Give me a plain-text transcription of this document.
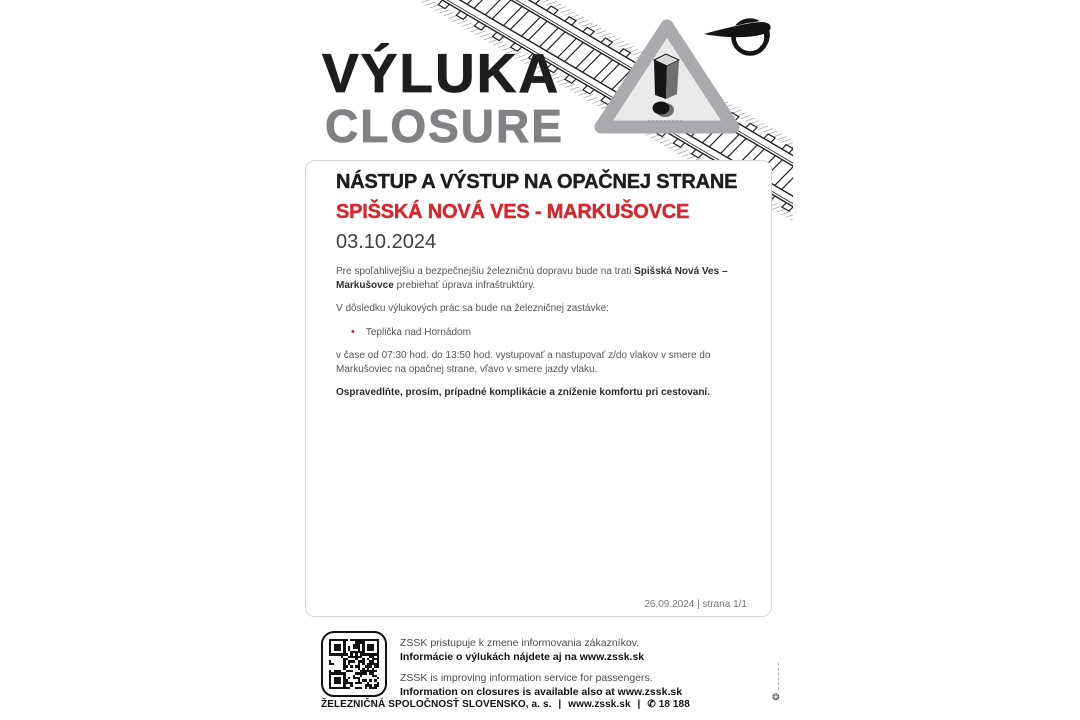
VÝLUKA
CLOSURE
NÁSTUP A VÝSTUP NA OPAČNEJ STRANE
SPIŠSKÁ NOVÁ VES - MARKUŠOVCE
03.10.2024

Pre spoľahlivejšiu a bezpečnejšiu železničnú dopravu bude na trati Spišská Nová Ves – Markušovce prebiehať úprava infraštruktúry.

V dôsledku výlukových prác sa bude na železničnej zastávke:

• Teplička nad Hornádom

v čase od 07:30 hod. do 13:50 hod. vystupovať a nastupovať z/do vlakov v smere do Markušoviec na opačnej strane, vľavo v smere jazdy vlaku.

Ospravedlňte, prosím, prípadné komplikácie a zníženie komfortu pri cestovaní.

26.09.2024 | strana 1/1
ZSSK pristupuje k zmene informovania zákazníkov.
Informácie o výlukách nájdete aj na www.zssk.sk
ZSSK is improving information service for passengers.
Information on closures is available also at www.zssk.sk
ŽELEZNIČNÁ SPOLOČNOSŤ SLOVENSKO, a. s. | www.zssk.sk | ✆ 18 188
❂
